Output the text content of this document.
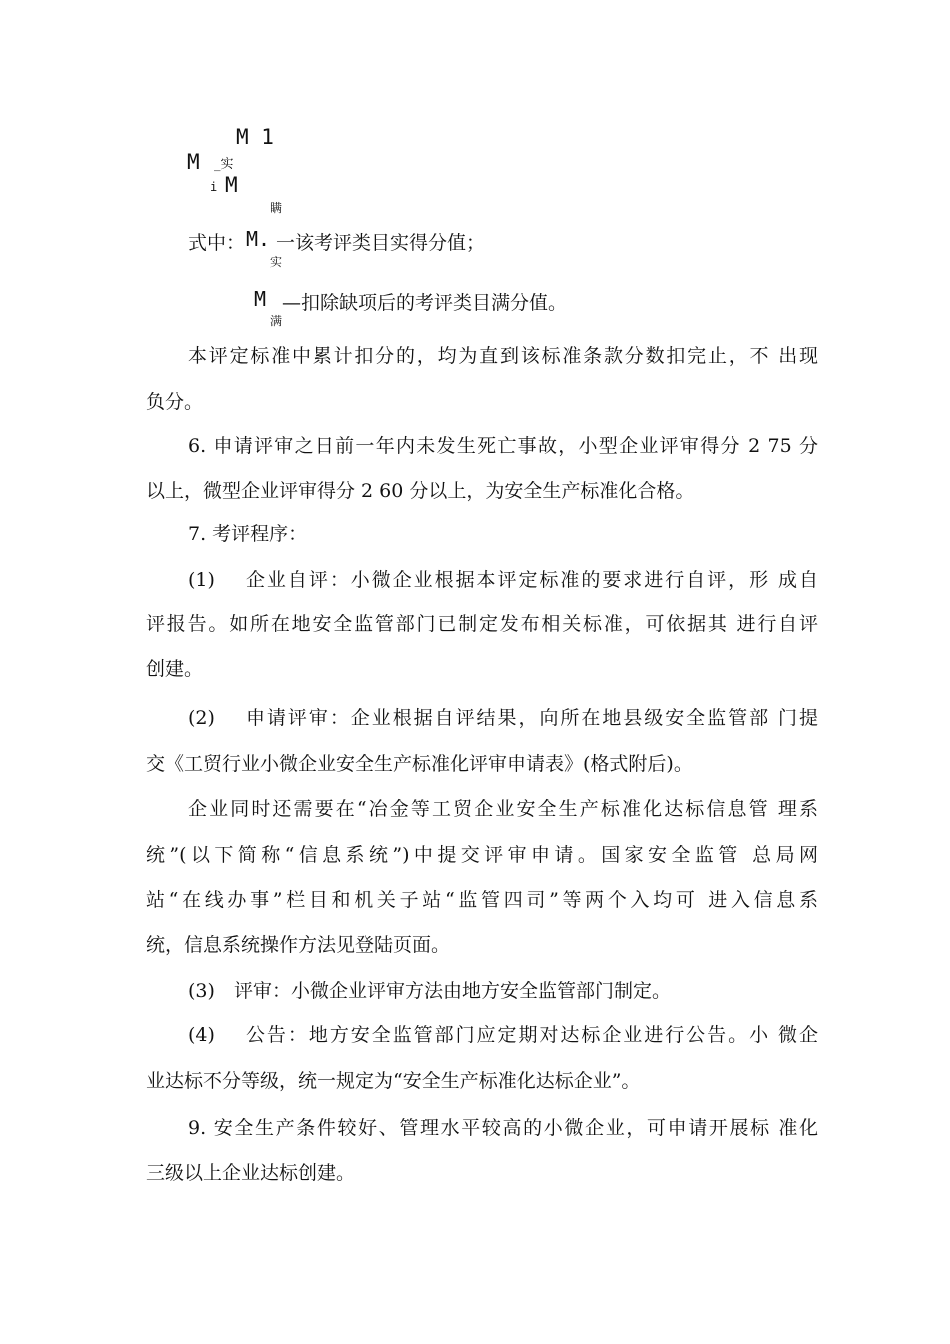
M 1
M _实
i M
瞒
式中： M. 一该考评类目实得分值；
实
M —扣除缺项后的考评类目满分值。
满
本评定标准中累计扣分的，均为直到该标准条款分数扣完止，不 出现
负分。
6. 申请评审之日前一年内未发生死亡事故，小型企业评审得分 2 75 分
以上，微型企业评审得分 2 60 分以上，为安全生产标准化合格。
7. 考评程序：
(1) 企业自评：小微企业根据本评定标准的要求进行自评，形 成自
评报告。如所在地安全监管部门已制定发布相关标准，可依据其 进行自评
创建。
(2) 申请评审：企业根据自评结果，向所在地县级安全监管部 门提
交《工贸行业小微企业安全生产标准化评审申请表》(格式附后)。
企业同时还需要在“冶金等工贸企业安全生产标准化达标信息管 理系
统”(以下简称“信息系统”)中提交评审申请。国家安全监管 总局网
站“在线办事”栏目和机关子站“监管四司”等两个入均可 进入信息系
统，信息系统操作方法见登陆页面。
(3) 评审：小微企业评审方法由地方安全监管部门制定。
(4) 公告：地方安全监管部门应定期对达标企业进行公告。小 微企
业达标不分等级，统一规定为“安全生产标准化达标企业”。
9. 安全生产条件较好、管理水平较高的小微企业，可申请开展标 准化
三级以上企业达标创建。
